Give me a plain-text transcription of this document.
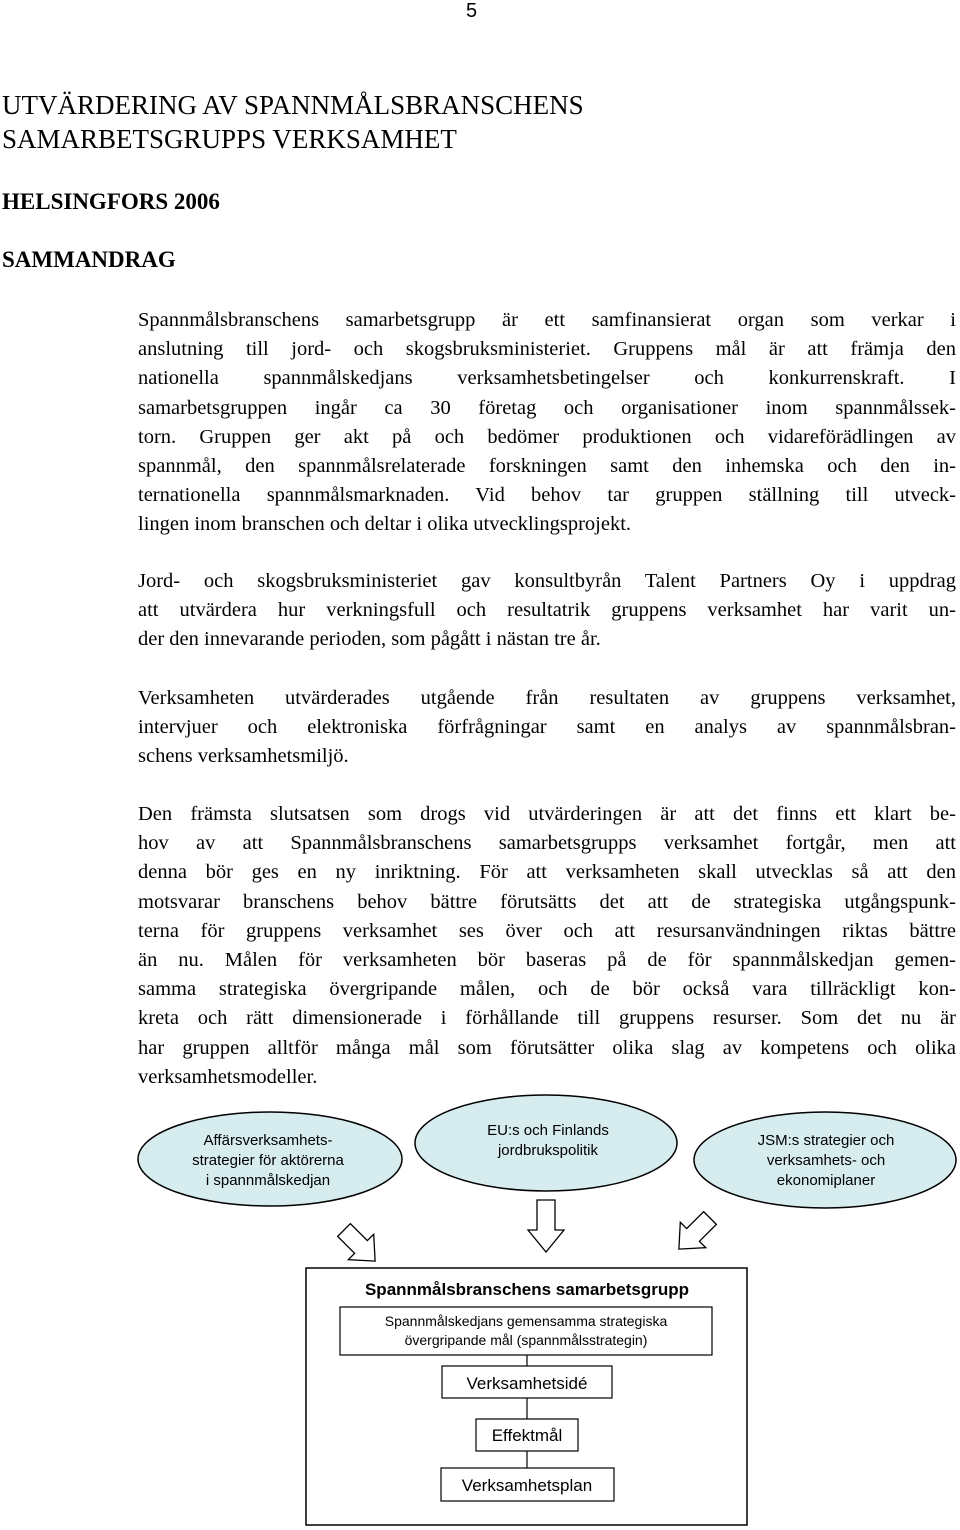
5
UTVÄRDERING AV SPANNMÅLSBRANSCHENS
SAMARBETSGRUPPS VERKSAMHET
HELSINGFORS 2006
SAMMANDRAG
Spannmålsbranschens samarbetsgrupp är ett samfinansierat organ som verkar i
anslutning till jord- och skogsbruksministeriet. Gruppens mål är att främja den
nationella spannmålskedjans verksamhetsbetingelser och konkurrenskraft. I
samarbetsgruppen ingår ca 30 företag och organisationer inom spannmålssek-
torn. Gruppen ger akt på och bedömer produktionen och vidareförädlingen av
spannmål, den spannmålsrelaterade forskningen samt den inhemska och den in-
ternationella spannmålsmarknaden. Vid behov tar gruppen ställning till utveck-
lingen inom branschen och deltar i olika utvecklingsprojekt.
Jord- och skogsbruksministeriet gav konsultbyrån Talent Partners Oy i uppdrag
att utvärdera hur verkningsfull och resultatrik gruppens verksamhet har varit un-
der den innevarande perioden, som pågått i nästan tre år.
Verksamheten utvärderades utgående från resultaten av gruppens verksamhet,
intervjuer och elektroniska förfrågningar samt en analys av spannmålsbran-
schens verksamhetsmiljö.
Den främsta slutsatsen som drogs vid utvärderingen är att det finns ett klart be-
hov av att Spannmålsbranschens samarbetsgrupps verksamhet fortgår, men att
denna bör ges en ny inriktning. För att verksamheten skall utvecklas så att den
motsvarar branschens behov bättre förutsätts det att de strategiska utgångspunk-
terna för gruppens verksamhet ses över och att resursanvändningen riktas bättre
än nu. Målen för verksamheten bör baseras på de för spannmålskedjan gemen-
samma strategiska övergripande målen, och de bör också vara tillräckligt kon-
kreta och rätt dimensionerade i förhållande till gruppens resurser. Som det nu är
har gruppen alltför många mål som förutsätter olika slag av kompetens och olika
verksamhetsmodeller.
Affärsverksamhets-
strategier för aktörerna
i spannmålskedjan
EU:s och Finlands
jordbrukspolitik
JSM:s strategier och
verksamhets- och
ekonomiplaner
Spannmålsbranschens samarbetsgrupp
Spannmålskedjans gemensamma strategiska
övergripande mål (spannmålsstrategin)
Verksamhetsidé
Effektmål
Verksamhetsplan
